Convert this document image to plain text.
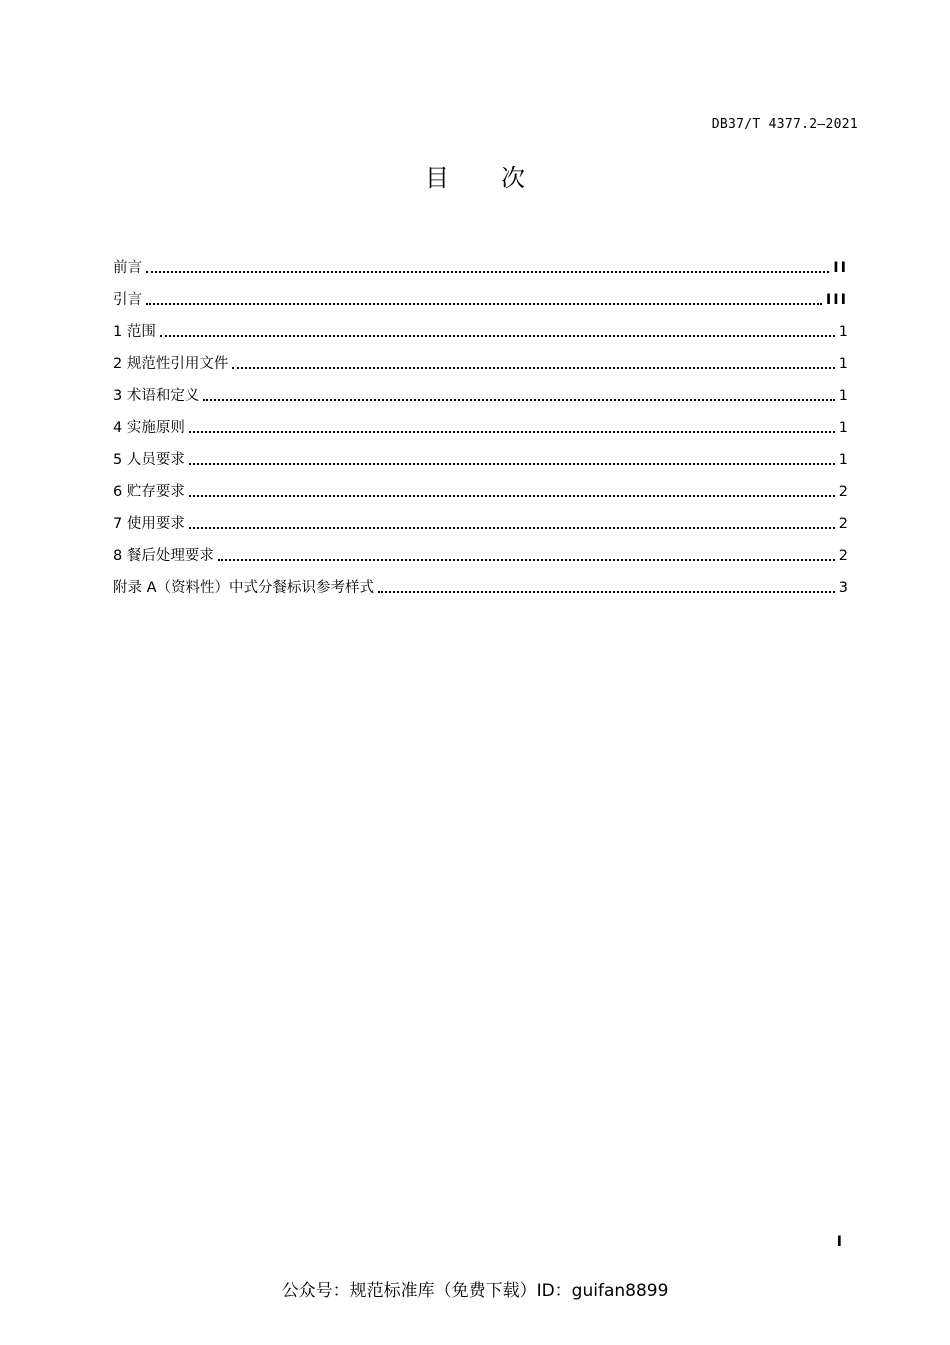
DB37/T 4377.2—2021
目 次
前言	II
引言	III
1 范围	1
2 规范性引用文件	1
3 术语和定义	1
4 实施原则	1
5 人员要求	1
6 贮存要求	2
7 使用要求	2
8 餐后处理要求	2
附录 A（资料性）中式分餐标识参考样式	3
I
公众号：规范标准库（免费下载）ID：guifan8899
